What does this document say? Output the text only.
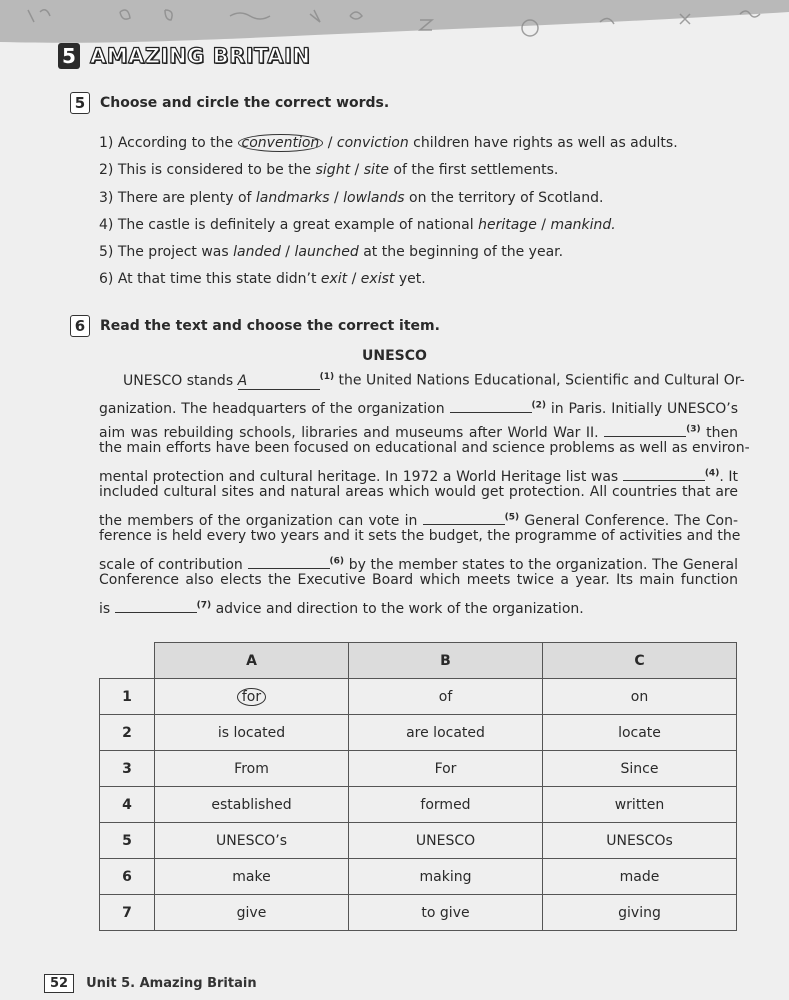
5 AMAZING BRITAIN
5	Choose and circle the correct words.
1) According to the convention / conviction children have rights as well as adults.
2) This is considered to be the sight / site of the first settlements.
3) There are plenty of landmarks / lowlands on the territory of Scotland.
4) The castle is definitely a great example of national heritage / mankind.
5) The project was landed / launched at the beginning of the year.
6) At that time this state didn’t exit / exist yet.
6	Read the text and choose the correct item.
UNESCO
UNESCO stands A	$^{(1)}$ the United Nations Educational, Scientific and Cultural Or-
ganization. The headquarters of the organization	$^{(2)}$ in Paris. Initially UNESCO’s
aim was rebuilding schools, libraries and museums after World War II.	$^{(3)}$ then
the main efforts have been focused on educational and science problems as well as environ-
mental protection and cultural heritage. In 1972 a World Heritage list was	$^{(4)}$. It
included cultural sites and natural areas which would get protection. All countries that are
the members of the organization can vote in	$^{(5)}$ General Conference. The Con-
ference is held every two years and it sets the budget, the programme of activities and the
scale of contribution	$^{(6)}$ by the member states to the organization. The General
Conference also elects the Executive Board which meets twice a year. Its main function
is	$^{(7)}$ advice and direction to the work of the organization.
	A	B	C
1	for	of	on
2	is located	are located	locate
3	From	For	Since
4	established	formed	written
5	UNESCO’s	UNESCO	UNESCOs
6	make	making	made
7	give	to give	giving
52	Unit 5. Amazing Britain
